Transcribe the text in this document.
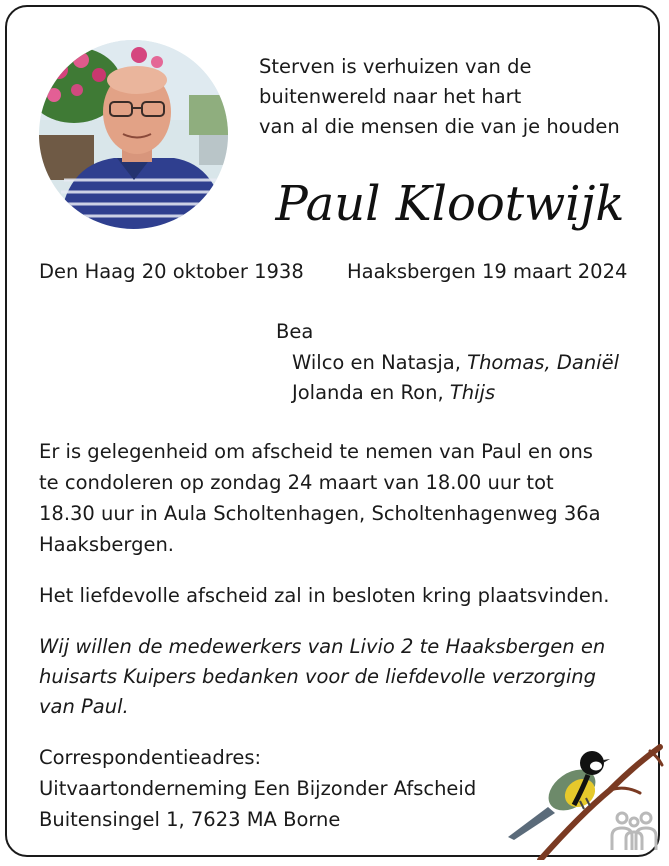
Sterven is verhuizen van de
buitenwereld naar het hart
van al die mensen die van je houden
Paul Klootwijk
Den Haag 20 oktober 1938 Haaksbergen 19 maart 2024
Bea
Wilco en Natasja, Thomas, Daniël
Jolanda en Ron, Thijs
Er is gelegenheid om afscheid te nemen van Paul en ons
te condoleren op zondag 24 maart van 18.00 uur tot
18.30 uur in Aula Scholtenhagen, Scholtenhagenweg 36a
Haaksbergen.
Het liefdevolle afscheid zal in besloten kring plaatsvinden.
Wij willen de medewerkers van Livio 2 te Haaksbergen en
huisarts Kuipers bedanken voor de liefdevolle verzorging
van Paul.
Correspondentieadres:
Uitvaartonderneming Een Bijzonder Afscheid
Buitensingel 1, 7623 MA Borne
